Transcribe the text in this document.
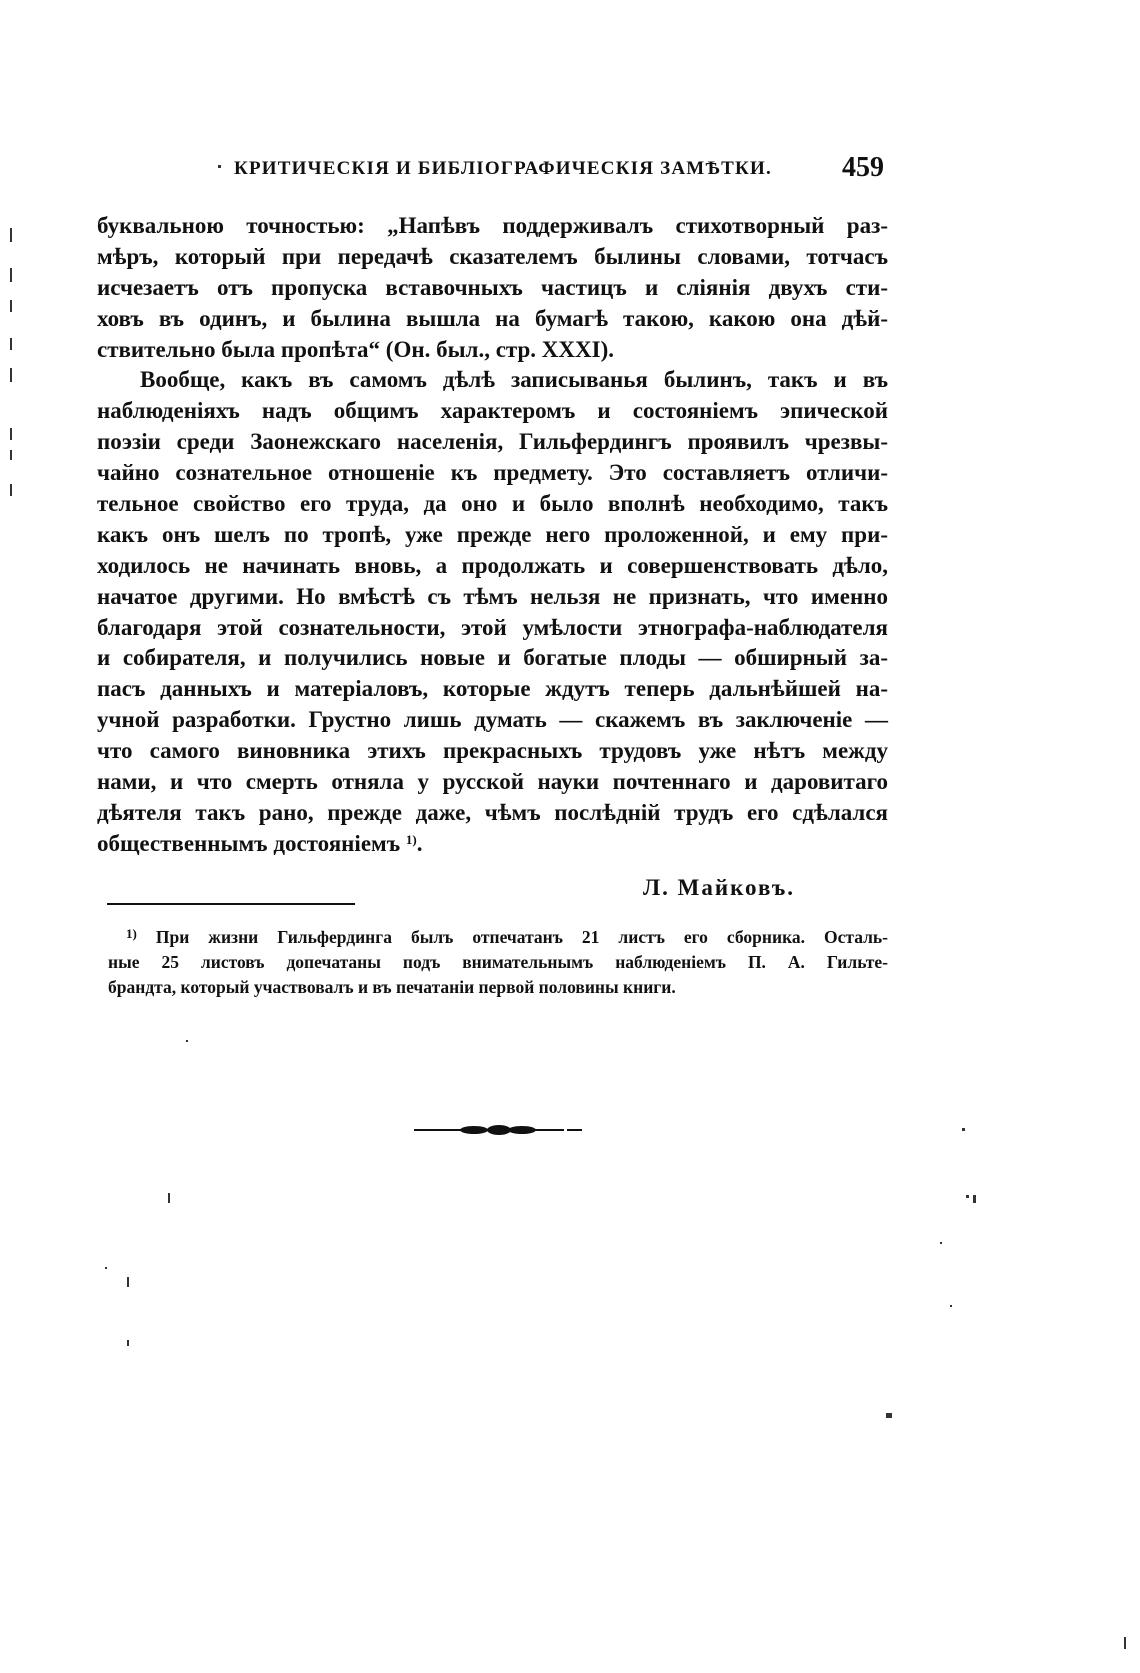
КРИТИЧЕСКІЯ И БИБЛІОГРАФИЧЕСКІЯ ЗАМѢТКИ.	459
буквальною точностью: „Напѣвъ поддерживалъ стихотворный раз-
мѣръ, который при передачѣ сказателемъ былины словами, тотчасъ
исчезаетъ отъ пропуска вставочныхъ частицъ и слiянiя двухъ сти-
ховъ въ одинъ, и былина вышла на бумагѣ такою, какою она дѣй-
ствительно была пропѣта“ (Он. был., стр. XXXI).
Вообще, какъ въ самомъ дѣлѣ записыванья былинъ, такъ и въ
наблюденiяхъ надъ общимъ характеромъ и состоянiемъ эпической
поэзiи среди Заонежскаго населенiя, Гильфердингъ проявилъ чрезвы-
чайно сознательное отношенiе къ предмету. Это составляетъ отличи-
тельное свойство его труда, да оно и было вполнѣ необходимо, такъ
какъ онъ шелъ по тропѣ, уже прежде него проложенной, и ему при-
ходилось не начинать вновь, а продолжать и совершенствовать дѣло,
начатое другими. Но вмѣстѣ съ тѣмъ нельзя не признать, что именно
благодаря этой сознательности, этой умѣлости этнографа-наблюдателя
и собирателя, и получились новые и богатые плоды — обширный за-
пасъ данныхъ и матерiаловъ, которые ждутъ теперь дальнѣйшей на-
учной разработки. Грустно лишь думать — скажемъ въ заключенiе —
что самого виновника этихъ прекрасныхъ трудовъ уже нѣтъ между
нами, и что смерть отняла у русской науки почтеннаго и даровитаго
дѣятеля такъ рано, прежде даже, чѣмъ послѣднiй трудъ его сдѣлался
общественнымъ достоянiемъ $^{1)}$.
Л. Майковъ.
$^{1)}$ При жизни Гильфердинга былъ отпечатанъ 21 листъ его сборника. Осталь-
ные 25 листовъ допечатаны подъ внимательнымъ наблюденiемъ П. А. Гильте-
брандта, который участвовалъ и въ печатанiи первой половины книги.
